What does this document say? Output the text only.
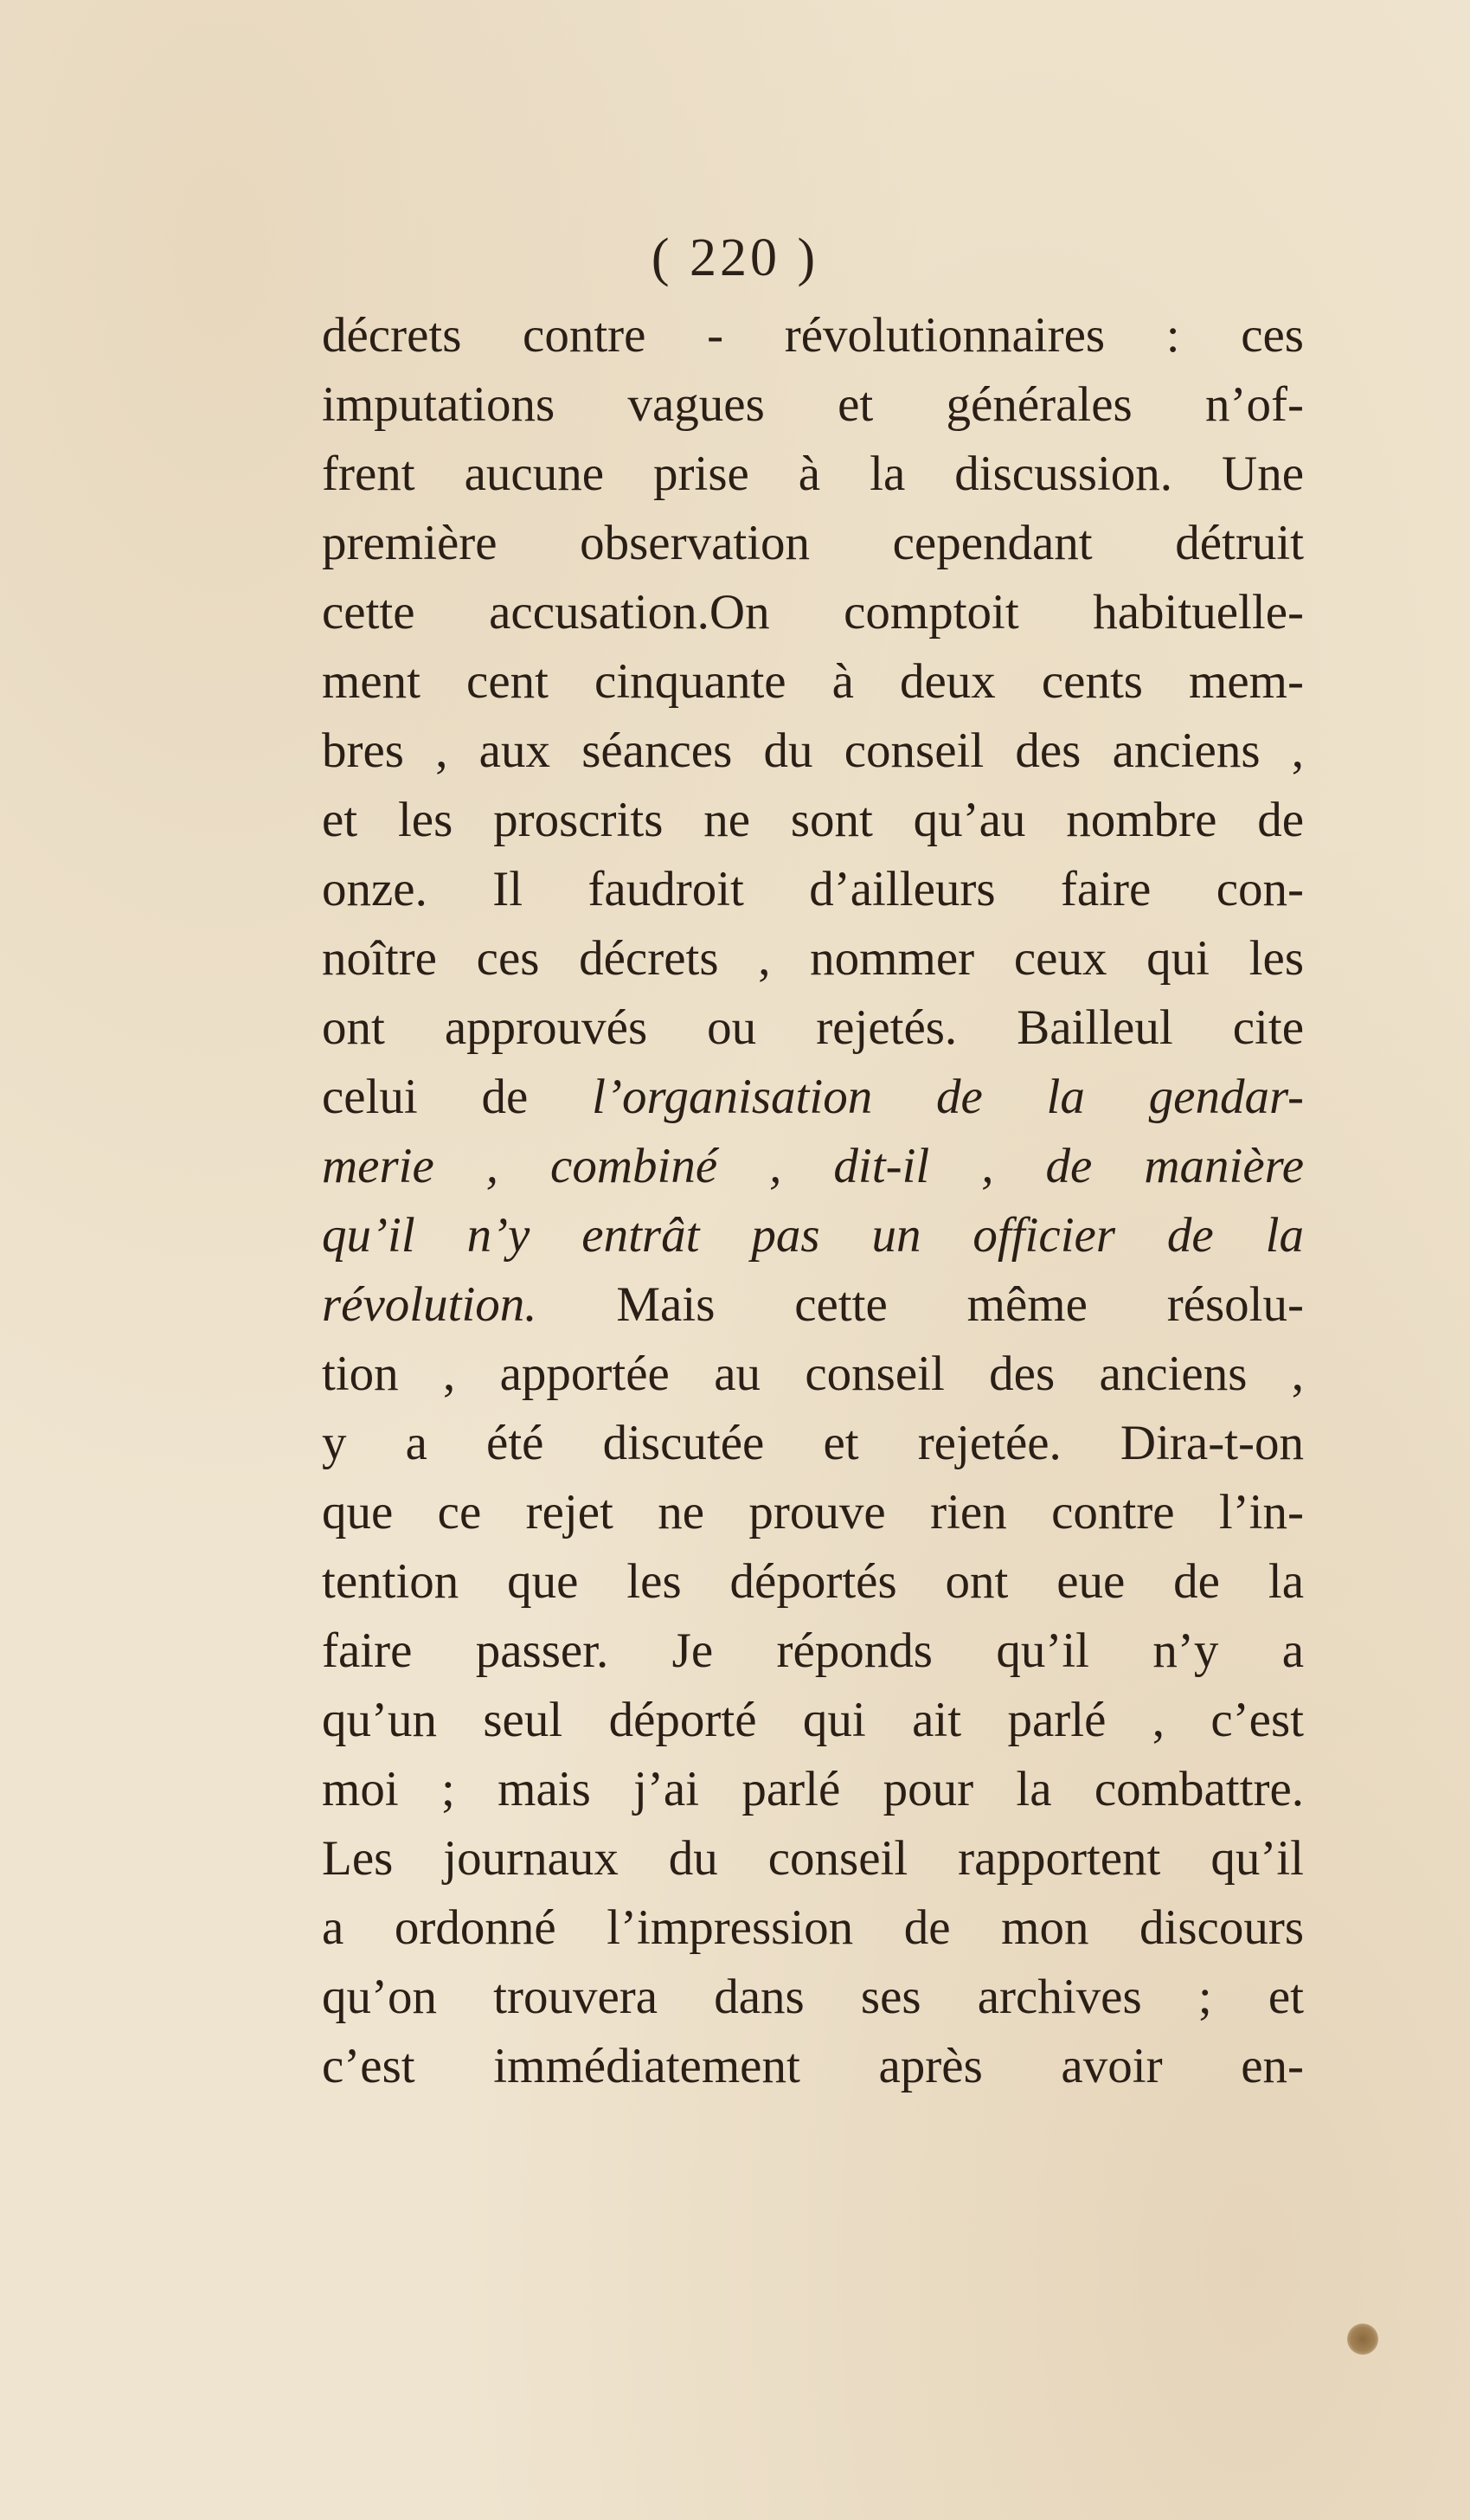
( 220 )
décrets contre - révolutionnaires : ces
imputations vagues et générales n’of-
frent aucune prise à la discussion. Une
première observation cependant détruit
cette accusation.On comptoit habituelle-
ment cent cinquante à deux cents mem-
bres , aux séances du conseil des anciens ,
et les proscrits ne sont qu’au nombre de
onze. Il faudroit d’ailleurs faire con-
noître ces décrets , nommer ceux qui les
ont approuvés ou rejetés. Bailleul cite
celui de l’organisation de la gendar-
merie , combiné , dit-il , de manière
qu’il n’y entrât pas un officier de la
révolution. Mais cette même résolu-
tion , apportée au conseil des anciens ,
y a été discutée et rejetée. Dira-t-on
que ce rejet ne prouve rien contre l’in-
tention que les déportés ont eue de la
faire passer. Je réponds qu’il n’y a
qu’un seul déporté qui ait parlé , c’est
moi ; mais j’ai parlé pour la combattre.
Les journaux du conseil rapportent qu’il
a ordonné l’impression de mon discours
qu’on trouvera dans ses archives ; et
c’est immédiatement après avoir en-
